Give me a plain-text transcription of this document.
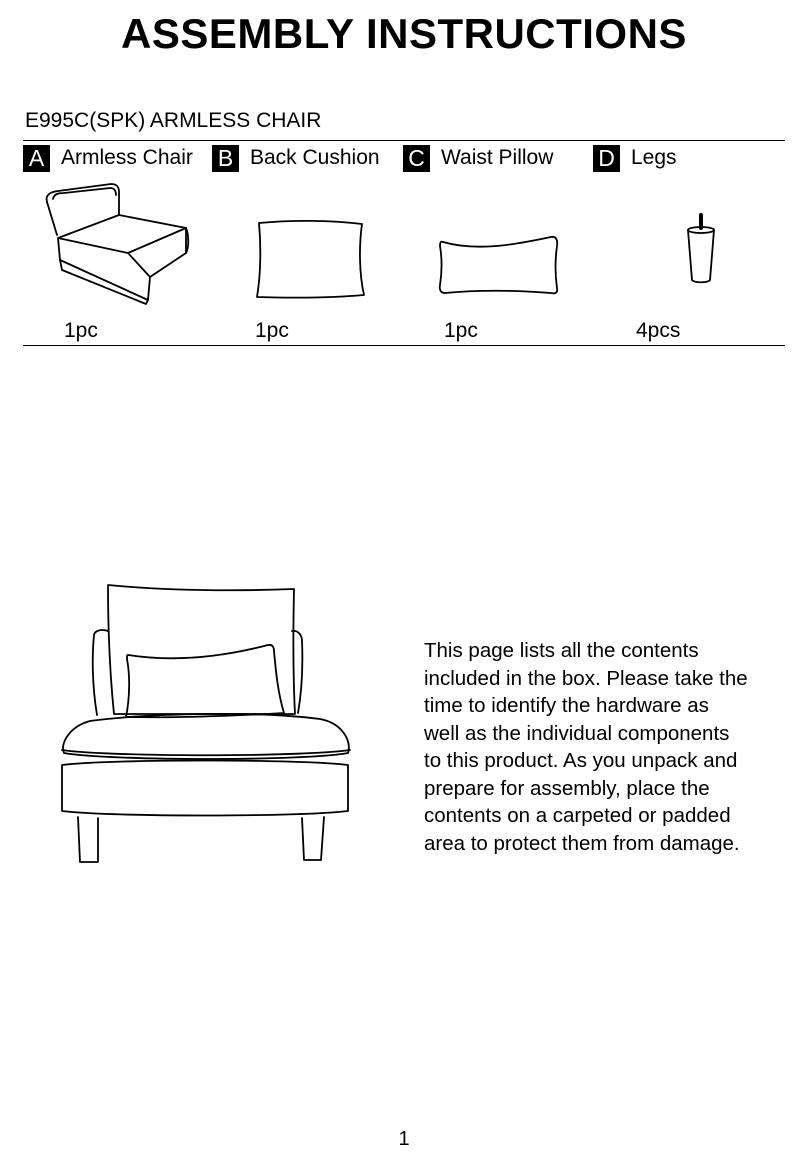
ASSEMBLY INSTRUCTIONS
E995C(SPK) ARMLESS CHAIR
A Armless Chair B Back Cushion C Waist Pillow D Legs
1pc	1pc	1pc	4pcs
This page lists all the contents
included in the box. Please take the
time to identify the hardware as
well as the individual components
to this product. As you unpack and
prepare for assembly, place the
contents on a carpeted or padded
area to protect them from damage.
1
